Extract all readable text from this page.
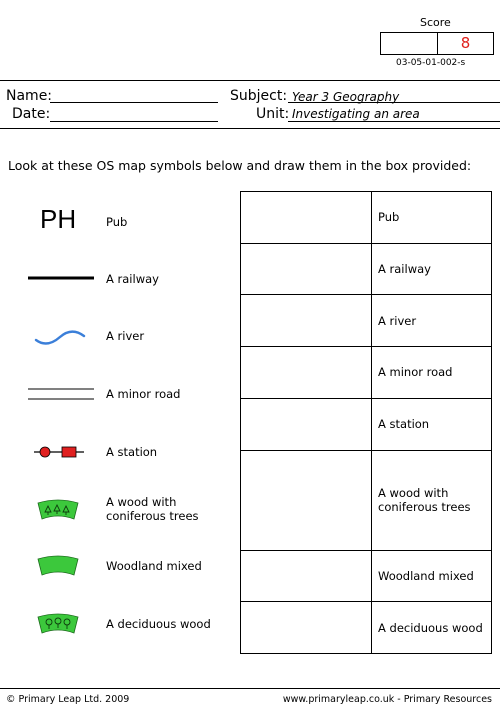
Score
8
03-05-01-002-s
Name:
Date:
Subject: Year 3 Geography
Unit: Investigating an area
Look at these OS map symbols below and draw them in the box provided:
PH	Pub
A railway
A river
A minor road
A station
A wood with
coniferous trees
Woodland mixed
A deciduous wood
	Pub
	A railway
	A river
	A minor road
	A station

	A wood with
coniferous trees

	Woodland mixed
	A deciduous wood
© Primary Leap Ltd. 2009	www.primaryleap.co.uk - Primary Resources
